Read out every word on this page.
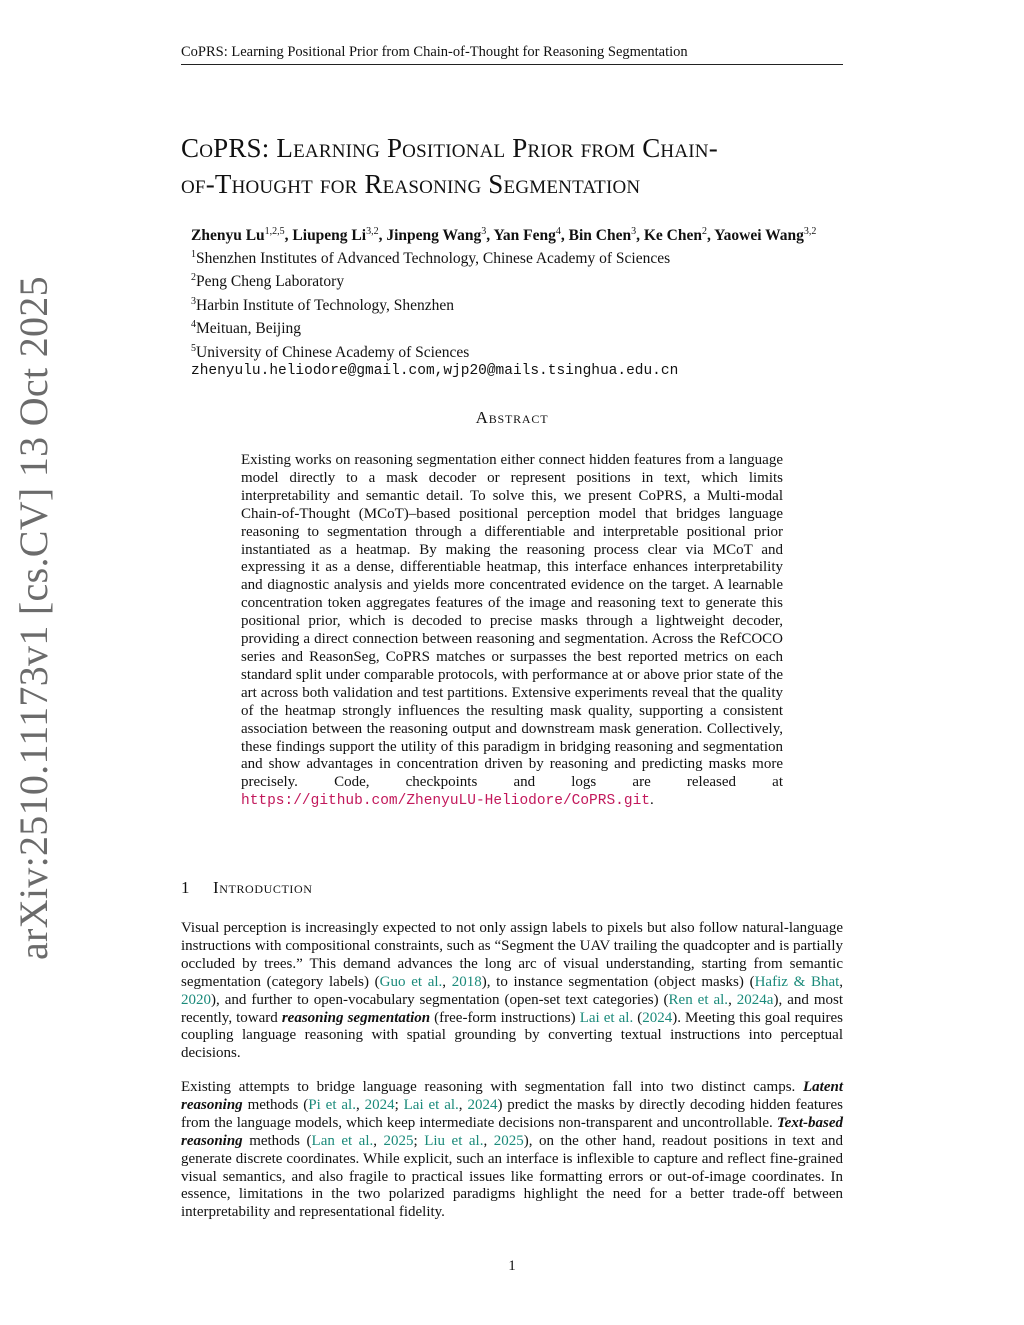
CoPRS: Learning Positional Prior from Chain-of-Thought for Reasoning Segmentation
arXiv:2510.11173v1 [cs.CV] 13 Oct 2025
CoPRS: Learning Positional Prior from Chain-
of-Thought for Reasoning Segmentation
Zhenyu Lu$^{1,2,5}$, Liupeng Li$^{3,2}$, Jinpeng Wang$^3$, Yan Feng$^4$, Bin Chen$^3$, Ke Chen$^2$, Yaowei Wang$^{3,2}$
$^1$Shenzhen Institutes of Advanced Technology, Chinese Academy of Sciences
$^2$Peng Cheng Laboratory
$^3$Harbin Institute of Technology, Shenzhen
$^4$Meituan, Beijing
$^5$University of Chinese Academy of Sciences
zhenyulu.heliodore@gmail.com,wjp20@mails.tsinghua.edu.cn
Abstract
Existing works on reasoning segmentation either connect hidden features from a language model directly to a mask decoder or represent positions in text, which limits interpretability and semantic detail. To solve this, we present CoPRS, a Multi-modal Chain-of-Thought (MCoT)–based positional perception model that bridges language reasoning to segmentation through a differentiable and interpretable positional prior instantiated as a heatmap. By making the reasoning process clear via MCoT and expressing it as a dense, differentiable heatmap, this interface enhances interpretability and diagnostic analysis and yields more concentrated evidence on the target. A learnable concentration token aggregates features of the image and reasoning text to generate this positional prior, which is decoded to precise masks through a lightweight decoder, providing a direct connection between reasoning and segmentation. Across the RefCOCO series and ReasonSeg, CoPRS matches or surpasses the best reported metrics on each standard split under comparable protocols, with performance at or above prior state of the art across both validation and test partitions. Extensive experiments reveal that the quality of the heatmap strongly influences the resulting mask quality, supporting a consistent association between the reasoning output and downstream mask generation. Collectively, these findings support the utility of this paradigm in bridging reasoning and segmentation and show advantages in concentration driven by reasoning and predicting masks more precisely. Code, checkpoints and logs are released at https://github.com/ZhenyuLU-Heliodore/CoPRS.git.
1 Introduction

Visual perception is increasingly expected to not only assign labels to pixels but also follow natural-language instructions with compositional constraints, such as “Segment the UAV trailing the quadcopter and is partially occluded by trees.” This demand advances the long arc of visual understanding, starting from semantic segmentation (category labels) (Guo et al., 2018), to instance segmentation (object masks) (Hafiz & Bhat, 2020), and further to open-vocabulary segmentation (open-set text categories) (Ren et al., 2024a), and most recently, toward reasoning segmentation (free-form instructions) Lai et al. (2024). Meeting this goal requires coupling language reasoning with spatial grounding by converting textual instructions into perceptual decisions.

Existing attempts to bridge language reasoning with segmentation fall into two distinct camps. Latent reasoning methods (Pi et al., 2024; Lai et al., 2024) predict the masks by directly decoding hidden features from the language models, which keep intermediate decisions non-transparent and uncontrollable. Text-based reasoning methods (Lan et al., 2025; Liu et al., 2025), on the other hand, readout positions in text and generate discrete coordinates. While explicit, such an interface is inflexible to capture and reflect fine-grained visual semantics, and also fragile to practical issues like formatting errors or out-of-image coordinates. In essence, limitations in the two polarized paradigms highlight the need for a better trade-off between interpretability and representational fidelity.

1
